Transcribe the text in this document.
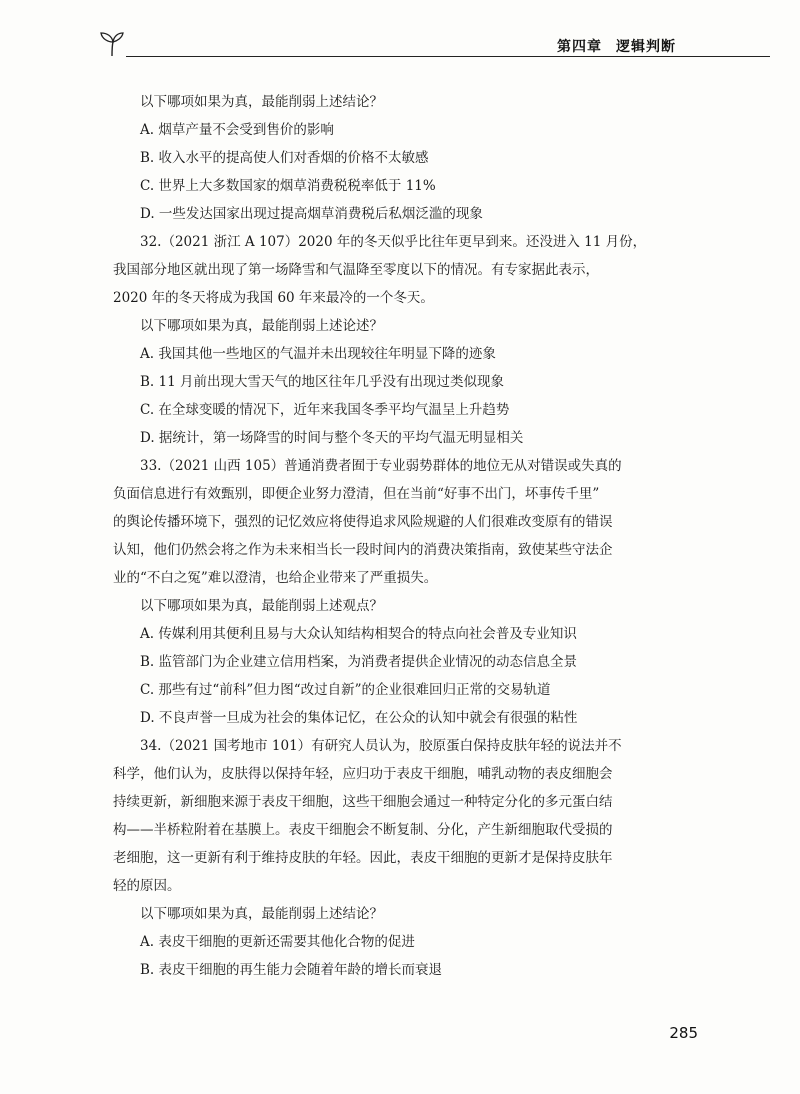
第四章 逻辑判断
以下哪项如果为真，最能削弱上述结论？
A. 烟草产量不会受到售价的影响
B. 收入水平的提高使人们对香烟的价格不太敏感
C. 世界上大多数国家的烟草消费税税率低于 11%
D. 一些发达国家出现过提高烟草消费税后私烟泛滥的现象
32.（2021 浙江 A 107）2020 年的冬天似乎比往年更早到来。还没进入 11 月份，
我国部分地区就出现了第一场降雪和气温降至零度以下的情况。有专家据此表示，
2020 年的冬天将成为我国 60 年来最冷的一个冬天。
以下哪项如果为真，最能削弱上述论述？
A. 我国其他一些地区的气温并未出现较往年明显下降的迹象
B. 11 月前出现大雪天气的地区往年几乎没有出现过类似现象
C. 在全球变暖的情况下，近年来我国冬季平均气温呈上升趋势
D. 据统计，第一场降雪的时间与整个冬天的平均气温无明显相关
33.（2021 山西 105）普通消费者囿于专业弱势群体的地位无从对错误或失真的
负面信息进行有效甄别，即便企业努力澄清，但在当前“好事不出门，坏事传千里”
的舆论传播环境下，强烈的记忆效应将使得追求风险规避的人们很难改变原有的错误
认知，他们仍然会将之作为未来相当长一段时间内的消费决策指南，致使某些守法企
业的“不白之冤”难以澄清，也给企业带来了严重损失。
以下哪项如果为真，最能削弱上述观点？
A. 传媒利用其便利且易与大众认知结构相契合的特点向社会普及专业知识
B. 监管部门为企业建立信用档案，为消费者提供企业情况的动态信息全景
C. 那些有过“前科”但力图“改过自新”的企业很难回归正常的交易轨道
D. 不良声誉一旦成为社会的集体记忆，在公众的认知中就会有很强的粘性
34.（2021 国考地市 101）有研究人员认为，胶原蛋白保持皮肤年轻的说法并不
科学，他们认为，皮肤得以保持年轻，应归功于表皮干细胞，哺乳动物的表皮细胞会
持续更新，新细胞来源于表皮干细胞，这些干细胞会通过一种特定分化的多元蛋白结
构——半桥粒附着在基膜上。表皮干细胞会不断复制、分化，产生新细胞取代受损的
老细胞，这一更新有利于维持皮肤的年轻。因此，表皮干细胞的更新才是保持皮肤年
轻的原因。
以下哪项如果为真，最能削弱上述结论？
A. 表皮干细胞的更新还需要其他化合物的促进
B. 表皮干细胞的再生能力会随着年龄的增长而衰退
285
